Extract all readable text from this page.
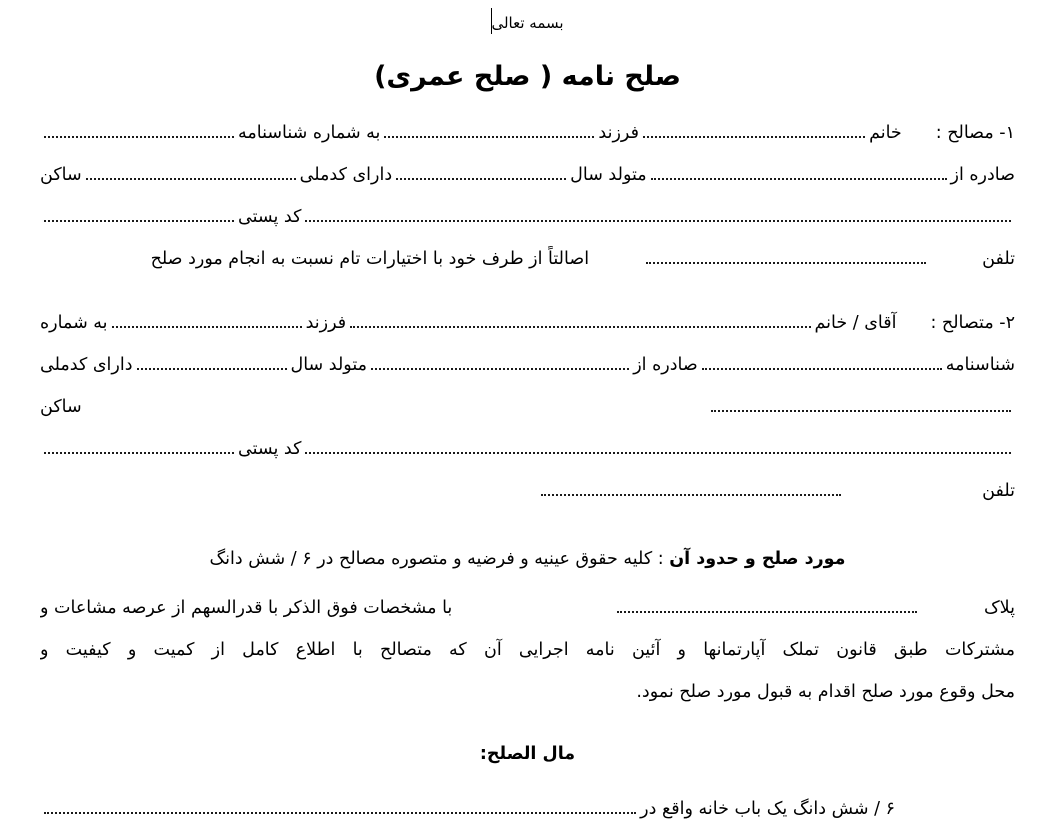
بسمه تعالی
صلح نامه ( صلح عمری)
۱- مصالح :
خانم
فرزند
به شماره شناسنامه
صادره از
متولد سال
دارای کدملی
ساکن
کد پستی
تلفن
اصالتاً از طرف خود با اختیارات تام نسبت به انجام مورد صلح
۲- متصالح :
آقای / خانم
فرزند
به شماره
شناسنامه
صادره از
متولد سال
دارای کدملی
ساکن
کد پستی
تلفن
مورد صلح و حدود آن : کلیه حقوق عینیه و فرضیه و متصوره مصالح در ۶ / شش دانگ
پلاک
با مشخصات فوق الذکر با قدرالسهم از عرصه مشاعات و
مشترکات طبق قانون تملک آپارتمانها و آئین نامه اجرایی آن که متصالح با اطلاع کامل از کمیت و کیفیت و
محل وقوع مورد صلح اقدام به قبول مورد صلح نمود.
مال الصلح:
۶ / شش دانگ یک باب خانه واقع در
